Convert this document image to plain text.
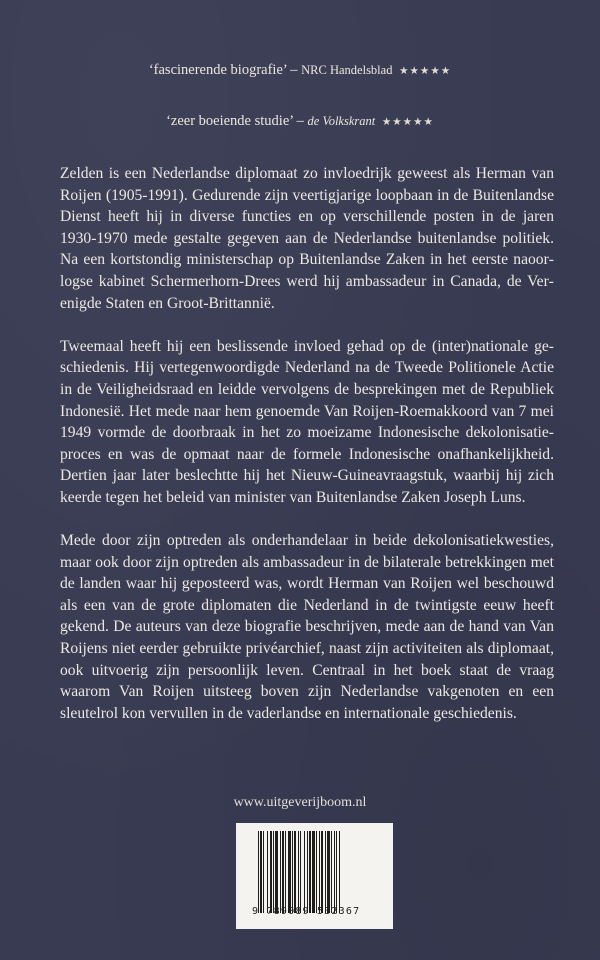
‘fascinerende biografie’ – NRC Handelsblad ★★★★★
‘zeer boeiende studie’ – de Volkskrant ★★★★★

Zelden is een Nederlandse diplomaat zo invloedrijk geweest als Herman van Roijen (1905-1991). Gedurende zijn veertigjarige loopbaan in de Buitenlandse Dienst heeft hij in diverse functies en op verschillende posten in de jaren 1930-1970 mede gestalte gegeven aan de Nederlandse buitenlandse politiek. Na een kortstondig ministerschap op Buitenlandse Zaken in het eerste naoorlogse kabinet Schermerhorn-Drees werd hij ambassadeur in Canada, de Verenigde Staten en Groot-Brittannië.

Tweemaal heeft hij een beslissende invloed gehad op de (inter)nationale geschiedenis. Hij vertegenwoordigde Nederland na de Tweede Politionele Actie in de Veiligheidsraad en leidde vervolgens de besprekingen met de Republiek Indonesië. Het mede naar hem genoemde Van Roijen-Roemakkoord van 7 mei 1949 vormde de doorbraak in het zo moeizame Indonesische dekolonisatieproces en was de opmaat naar de formele Indonesische onafhankelijkheid. Dertien jaar later beslechtte hij het Nieuw-Guineavraagstuk, waarbij hij zich keerde tegen het beleid van minister van Buitenlandse Zaken Joseph Luns.

Mede door zijn optreden als onderhandelaar in beide dekolonisatiekwesties, maar ook door zijn optreden als ambassadeur in de bilaterale betrekkingen met de landen waar hij geposteerd was, wordt Herman van Roijen wel beschouwd als een van de grote diplomaten die Nederland in de twintigste eeuw heeft gekend. De auteurs van deze biografie beschrijven, mede aan de hand van Van Roijens niet eerder gebruikte privéarchief, naast zijn activiteiten als diplomaat, ook uitvoerig zijn persoonlijk leven. Centraal in het boek staat de vraag waarom Van Roijen uitsteeg boven zijn Nederlandse vakgenoten en een sleutelrol kon vervullen in de vaderlandse en internationale geschiedenis.

www.uitgeverijboom.nl
9 789089 532367
